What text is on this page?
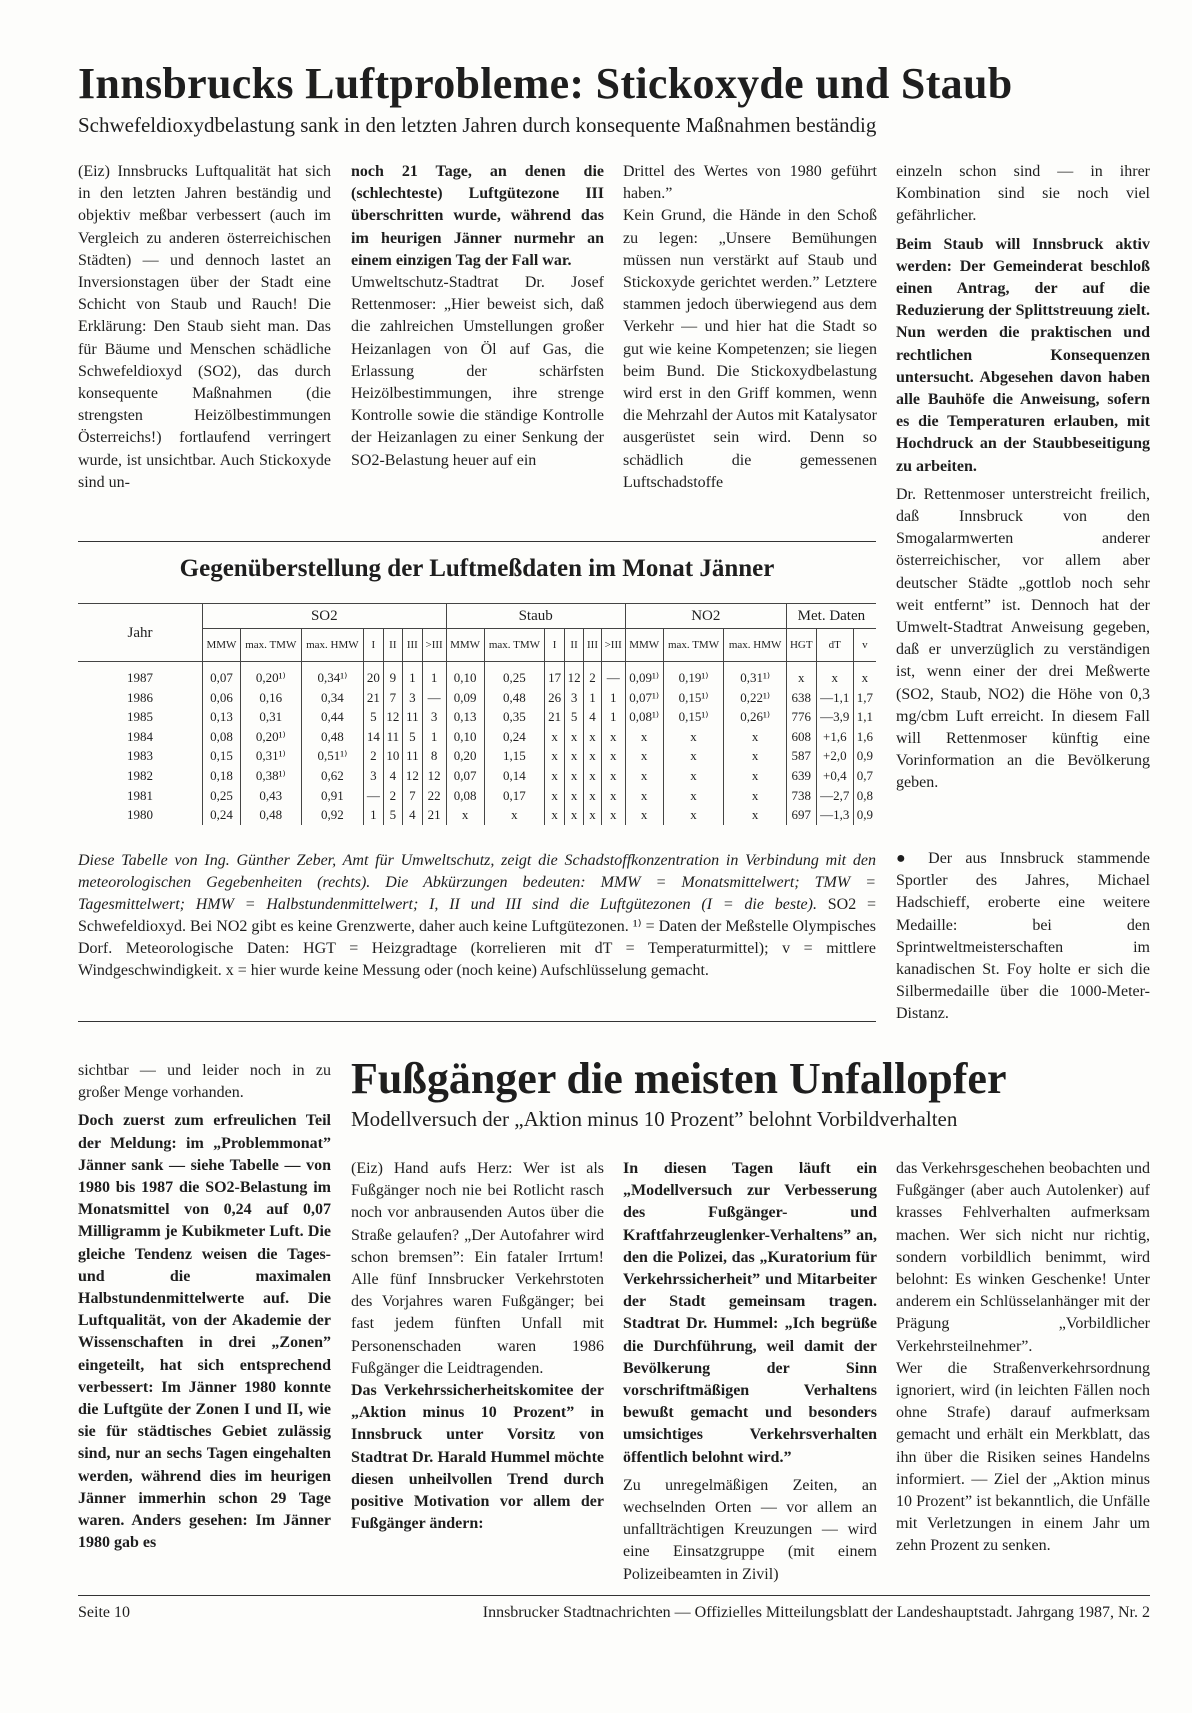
Innsbrucks Luftprobleme: Stickoxyde und Staub
Schwefeldioxydbelastung sank in den letzten Jahren durch konsequente Maßnahmen beständig

(Eiz) Innsbrucks Luftqualität hat sich in den letzten Jahren beständig und objektiv meßbar verbessert (auch im Vergleich zu anderen österreichischen Städten) — und dennoch lastet an Inversionstagen über der Stadt eine Schicht von Staub und Rauch! Die Erklärung: Den Staub sieht man. Das für Bäume und Menschen schädliche Schwefeldioxyd (SO2), das durch konsequente Maßnahmen (die strengsten Heizölbestimmungen Österreichs!) fortlaufend verringert wurde, ist unsichtbar. Auch Stickoxyde sind un-

noch 21 Tage, an denen die (schlechteste) Luftgütezone III überschritten wurde, während das im heurigen Jänner nurmehr an einem einzigen Tag der Fall war.

Umweltschutz-Stadtrat Dr. Josef Rettenmoser: „Hier beweist sich, daß die zahlreichen Umstellungen großer Heizanlagen von Öl auf Gas, die Erlassung der schärfsten Heizölbestimmungen, ihre strenge Kontrolle sowie die ständige Kontrolle der Heizanlagen zu einer Senkung der SO2-Belastung heuer auf ein

Drittel des Wertes von 1980 geführt haben.”

Kein Grund, die Hände in den Schoß zu legen: „Unsere Bemühungen müssen nun verstärkt auf Staub und Stickoxyde gerichtet werden.” Letztere stammen jedoch überwiegend aus dem Verkehr — und hier hat die Stadt so gut wie keine Kompetenzen; sie liegen beim Bund. Die Stickoxydbelastung wird erst in den Griff kommen, wenn die Mehrzahl der Autos mit Katalysator ausgerüstet sein wird. Denn so schädlich die gemessenen Luftschadstoffe

einzeln schon sind — in ihrer Kombination sind sie noch viel gefährlicher.

Beim Staub will Innsbruck aktiv werden: Der Gemeinderat beschloß einen Antrag, der auf die Reduzierung der Splittstreuung zielt. Nun werden die praktischen und rechtlichen Konsequenzen untersucht. Abgesehen davon haben alle Bauhöfe die Anweisung, sofern es die Temperaturen erlauben, mit Hochdruck an der Staubbeseitigung zu arbeiten.

Dr. Rettenmoser unterstreicht freilich, daß Innsbruck von den Smogalarmwerten anderer österreichischer, vor allem aber deutscher Städte „gottlob noch sehr weit entfernt” ist. Dennoch hat der Umwelt-Stadtrat Anweisung gegeben, daß er unverzüglich zu verständigen ist, wenn einer der drei Meßwerte (SO2, Staub, NO2) die Höhe von 0,3 mg/cbm Luft erreicht. In diesem Fall will Rettenmoser künftig eine Vorinformation an die Bevölkerung geben.

Gegenüberstellung der Luftmeßdaten im Monat Jänner
Jahr	SO2							Staub						NO2			Met. Daten		
	MMW	max. TMW	max. HMW	I	II	III	>III	MMW	max. TMW	I	II	III	>III	MMW	max. TMW	max. HMW	HGT	dT	v
1987	0,07	0,20¹⁾	0,34¹⁾	20	9	1	1	0,10	0,25	17	12	2	—	0,09¹⁾	0,19¹⁾	0,31¹⁾	x	x	x
1986	0,06	0,16	0,34	21	7	3	—	0,09	0,48	26	3	1	1	0,07¹⁾	0,15¹⁾	0,22¹⁾	638	—1,1	1,7
1985	0,13	0,31	0,44	5	12	11	3	0,13	0,35	21	5	4	1	0,08¹⁾	0,15¹⁾	0,26¹⁾	776	—3,9	1,1
1984	0,08	0,20¹⁾	0,48	14	11	5	1	0,10	0,24	x	x	x	x	x	x	x	608	+1,6	1,6
1983	0,15	0,31¹⁾	0,51¹⁾	2	10	11	8	0,20	1,15	x	x	x	x	x	x	x	587	+2,0	0,9
1982	0,18	0,38¹⁾	0,62	3	4	12	12	0,07	0,14	x	x	x	x	x	x	x	639	+0,4	0,7
1981	0,25	0,43	0,91	—	2	7	22	0,08	0,17	x	x	x	x	x	x	x	738	—2,7	0,8
1980	0,24	0,48	0,92	1	5	4	21	x	x	x	x	x	x	x	x	x	697	—1,3	0,9
Diese Tabelle von Ing. Günther Zeber, Amt für Umweltschutz, zeigt die Schadstoffkonzentration in Verbindung mit den meteorologischen Gegebenheiten (rechts). Die Abkürzungen bedeuten: MMW = Monatsmittelwert; TMW = Tagesmittelwert; HMW = Halbstundenmittelwert; I, II und III sind die Luftgütezonen (I = die beste). SO2 = Schwefeldioxyd. Bei NO2 gibt es keine Grenzwerte, daher auch keine Luftgütezonen. ¹⁾ = Daten der Meßstelle Olympisches Dorf. Meteorologische Daten: HGT = Heizgradtage (korrelieren mit dT = Temperaturmittel); v = mittlere Windgeschwindigkeit. x = hier wurde keine Messung oder (noch keine) Aufschlüsselung gemacht.

● Der aus Innsbruck stammende Sportler des Jahres, Michael Hadschieff, eroberte eine weitere Medaille: bei den Sprintweltmeisterschaften im kanadischen St. Foy holte er sich die Silbermedaille über die 1000-Meter-Distanz.

sichtbar — und leider noch in zu großer Menge vorhanden.

Doch zuerst zum erfreulichen Teil der Meldung: im „Problemmonat” Jänner sank — siehe Tabelle — von 1980 bis 1987 die SO2-Belastung im Monatsmittel von 0,24 auf 0,07 Milligramm je Kubikmeter Luft. Die gleiche Tendenz weisen die Tages- und die maximalen Halbstundenmittelwerte auf. Die Luftqualität, von der Akademie der Wissenschaften in drei „Zonen” eingeteilt, hat sich entsprechend verbessert: Im Jänner 1980 konnte die Luftgüte der Zonen I und II, wie sie für städtisches Gebiet zulässig sind, nur an sechs Tagen eingehalten werden, während dies im heurigen Jänner immerhin schon 29 Tage waren. Anders gesehen: Im Jänner 1980 gab es

Fußgänger die meisten Unfallopfer
Modellversuch der „Aktion minus 10 Prozent” belohnt Vorbildverhalten

(Eiz) Hand aufs Herz: Wer ist als Fußgänger noch nie bei Rotlicht rasch noch vor anbrausenden Autos über die Straße gelaufen? „Der Autofahrer wird schon bremsen”: Ein fataler Irrtum! Alle fünf Innsbrucker Verkehrstoten des Vorjahres waren Fußgänger; bei fast jedem fünften Unfall mit Personenschaden waren 1986 Fußgänger die Leidtragenden.

Das Verkehrssicherheitskomitee der „Aktion minus 10 Prozent” in Innsbruck unter Vorsitz von Stadtrat Dr. Harald Hummel möchte diesen unheilvollen Trend durch positive Motivation vor allem der Fußgänger ändern:

In diesen Tagen läuft ein „Modellversuch zur Verbesserung des Fußgänger- und Kraftfahrzeuglenker-Verhaltens” an, den die Polizei, das „Kuratorium für Verkehrssicherheit” und Mitarbeiter der Stadt gemeinsam tragen. Stadtrat Dr. Hummel: „Ich begrüße die Durchführung, weil damit der Bevölkerung der Sinn vorschriftmäßigen Verhaltens bewußt gemacht und besonders umsichtiges Verkehrsverhalten öffentlich belohnt wird.”

Zu unregelmäßigen Zeiten, an wechselnden Orten — vor allem an unfallträchtigen Kreuzungen — wird eine Einsatzgruppe (mit einem Polizeibeamten in Zivil)

das Verkehrsgeschehen beobachten und Fußgänger (aber auch Autolenker) auf krasses Fehlverhalten aufmerksam machen. Wer sich nicht nur richtig, sondern vorbildlich benimmt, wird belohnt: Es winken Geschenke! Unter anderem ein Schlüsselanhänger mit der Prägung „Vorbildlicher Verkehrsteilnehmer”.

Wer die Straßenverkehrsordnung ignoriert, wird (in leichten Fällen noch ohne Strafe) darauf aufmerksam gemacht und erhält ein Merkblatt, das ihn über die Risiken seines Handelns informiert. — Ziel der „Aktion minus 10 Prozent” ist bekanntlich, die Unfälle mit Verletzungen in einem Jahr um zehn Prozent zu senken.

Seite 10	Innsbrucker Stadtnachrichten — Offizielles Mitteilungsblatt der Landeshauptstadt. Jahrgang 1987, Nr. 2
